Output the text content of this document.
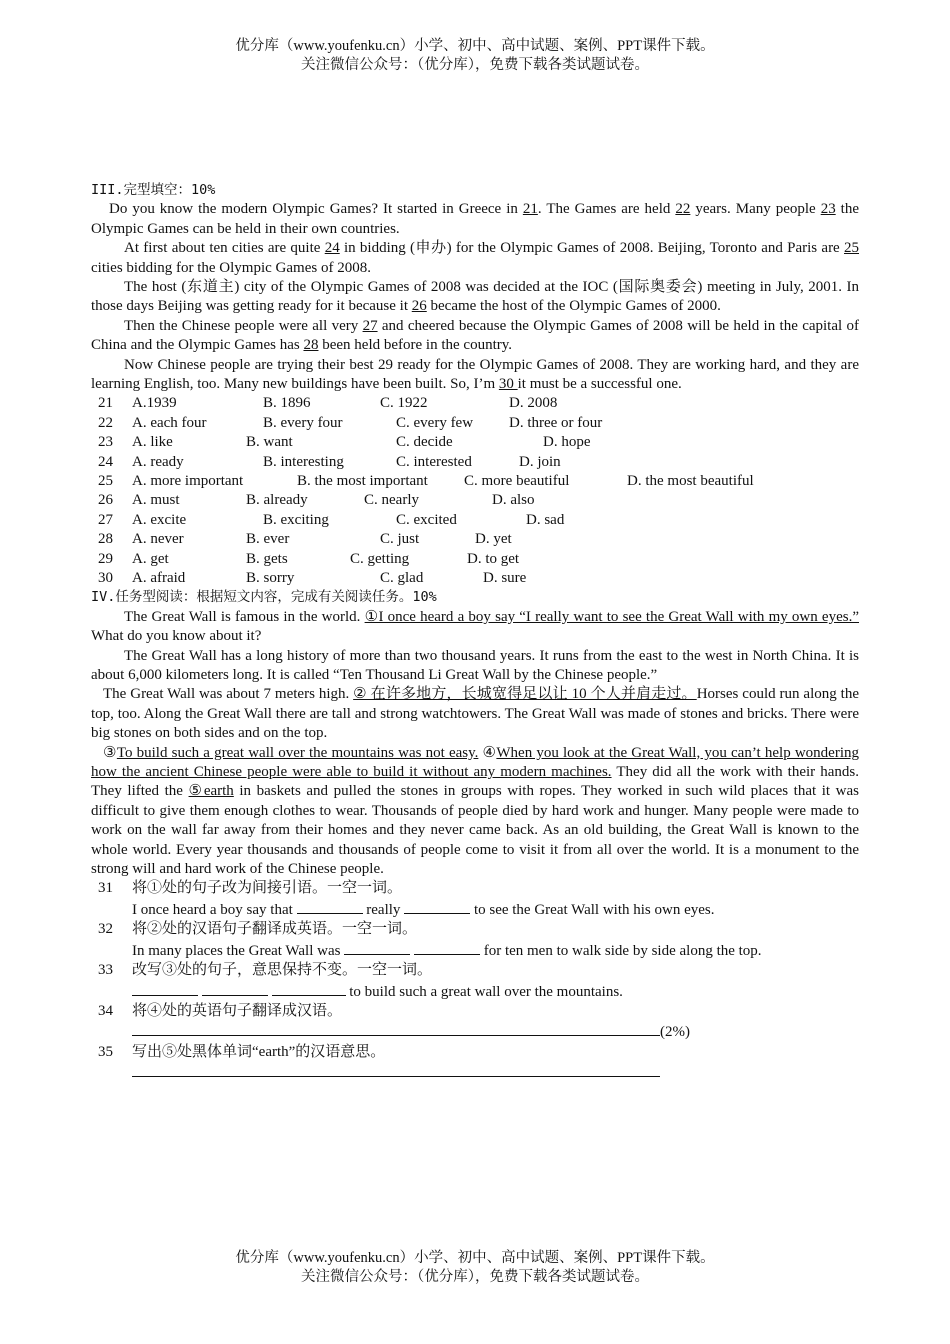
优分库（www.youfenku.cn）小学、初中、高中试题、案例、PPT课件下载。

关注微信公众号：（优分库），免费下载各类试题试卷。

III.完型填空：10%

Do you know the modern Olympic Games? It started in Greece in 21. The Games are held 22 years. Many people 23 the Olympic Games can be held in their own countries.

At first about ten cities are quite 24 in bidding (申办) for the Olympic Games of 2008. Beijing, Toronto and Paris are 25 cities bidding for the Olympic Games of 2008.

The host (东道主) city of the Olympic Games of 2008 was decided at the IOC (国际奥委会) meeting in July, 2001. In those days Beijing was getting ready for it because it 26 became the host of the Olympic Games of 2000.

Then the Chinese people were all very 27 and cheered because the Olympic Games of 2008 will be held in the capital of China and the Olympic Games has 28 been held before in the country.

Now Chinese people are trying their best 29 ready for the Olympic Games of 2008. They are working hard, and they are learning English, too. Many new buildings have been built. So, I’m 30 it must be a successful one.

21 A.1939	B. 1896	C. 1922	D. 2008
22 A. each four	B. every four	C. every few D. three or four
23 A. like	B. want	C. decide	D. hope
24 A. ready	B. interesting	C. interested	D. join
25 A. more important	B. the most important C. more beautiful	D. the most beautiful
26 A. must	B. already	C. nearly	D. also
27 A. excite	B. exciting	C. excited	D. sad
28 A. never	B. ever	C. just	D. yet
29 A. get	B. gets	C. getting	D. to get
30 A. afraid	B. sorry	C. glad	D. sure

IV.任务型阅读：根据短文内容，完成有关阅读任务。10%

The Great Wall is famous in the world. ①I once heard a boy say “I really want to see the Great Wall with my own eyes.” What do you know about it?

The Great Wall has a long history of more than two thousand years. It runs from the east to the west in North China. It is about 6,000 kilometers long. It is called “Ten Thousand Li Great Wall by the Chinese people.”

The Great Wall was about 7 meters high. ② 在许多地方，长城宽得足以让 10 个人并肩走过。Horses could run along the top, too. Along the Great Wall there are tall and strong watchtowers. The Great Wall was made of stones and bricks. There were big stones on both sides and on the top.

③To build such a great wall over the mountains was not easy. ④When you look at the Great Wall, you can’t help wondering how the ancient Chinese people were able to build it without any modern machines. They did all the work with their hands. They lifted the ⑤earth in baskets and pulled the stones in groups with ropes. They worked in such wild places that it was difficult to give them enough clothes to wear. Thousands of people died by hard work and hunger. Many people were made to work on the wall far away from their homes and they never came back. As an old building, the Great Wall is known to the whole world. Every year thousands and thousands of people come to visit it from all over the world. It is a monument to the strong will and hard work of the Chinese people.

31 将①处的句子改为间接引语。一空一词。
I once heard a boy say that	really	to see the Great Wall with his own eyes.
32 将②处的汉语句子翻译成英语。一空一词。
In many places the Great Wall was	for ten men to walk side by side along the top.
33 改写③处的句子，意思保持不变。一空一词。
to build such a great wall over the mountains.
34 将④处的英语句子翻译成汉语。
(2%)
35 写出⑤处黑体单词“earth”的汉语意思。

优分库（www.youfenku.cn）小学、初中、高中试题、案例、PPT课件下载。

关注微信公众号：（优分库），免费下载各类试题试卷。
